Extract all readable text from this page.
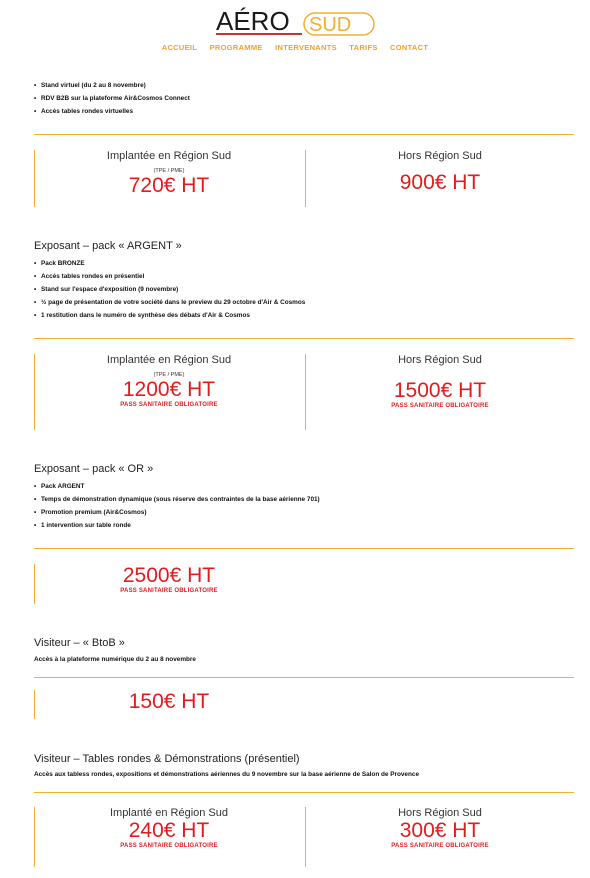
AÉRO SUD
ACCUEIL PROGRAMME INTERVENANTS TARIFS CONTACT
• Stand virtuel (du 2 au 8 novembre)
• RDV B2B sur la plateforme Air&Cosmos Connect
• Accès tables rondes virtuelles
Implantée en Région Sud
(TPE / PME)
720€ HT
Hors Région Sud
900€ HT
Exposant – pack « ARGENT »
• Pack BRONZE
• Accès tables rondes en présentiel
• Stand sur l'espace d'exposition (9 novembre)
• ½ page de présentation de votre société dans le preview du 29 octobre d'Air & Cosmos
• 1 restitution dans le numéro de synthèse des débats d'Air & Cosmos
Implantée en Région Sud
(TPE / PME)
1200€ HT
PASS SANITAIRE OBLIGATOIRE
Hors Région Sud
1500€ HT
PASS SANITAIRE OBLIGATOIRE
Exposant – pack « OR »
• Pack ARGENT
• Temps de démonstration dynamique (sous réserve des contraintes de la base aérienne 701)
• Promotion premium (Air&Cosmos)
• 1 intervention sur table ronde
2500€ HT
PASS SANITAIRE OBLIGATOIRE
Visiteur – « BtoB »
Accès à la plateforme numérique du 2 au 8 novembre
150€ HT
Visiteur – Tables rondes & Démonstrations (présentiel)
Accès aux tabless rondes, expositions et démonstrations aériennes du 9 novembre sur la base aérienne de Salon de Provence
Implanté en Région Sud
240€ HT
PASS SANITAIRE OBLIGATOIRE
Hors Région Sud
300€ HT
PASS SANITAIRE OBLIGATOIRE
